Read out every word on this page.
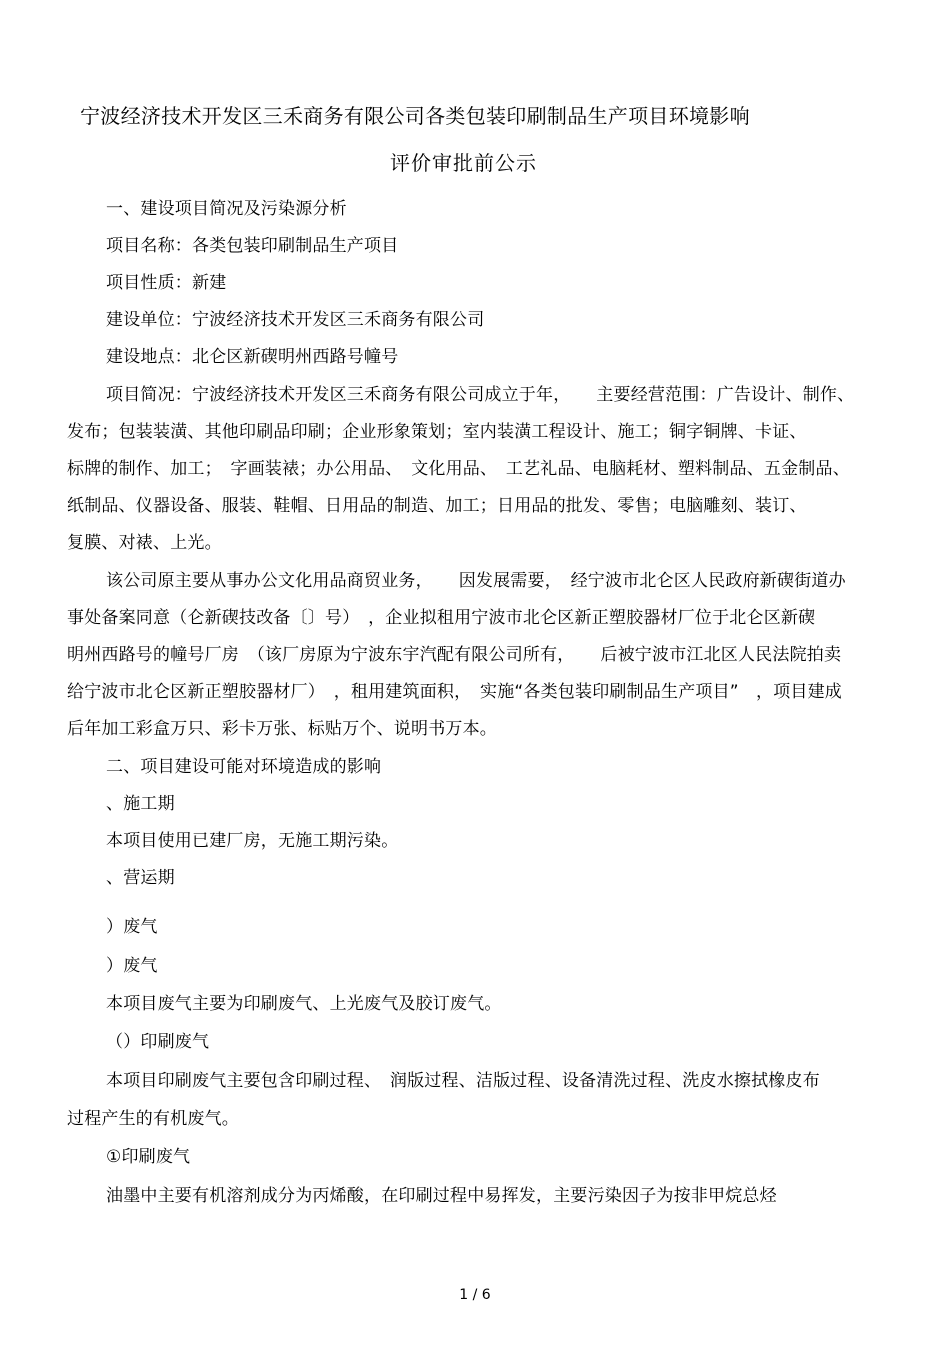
宁波经济技术开发区三禾商务有限公司各类包装印刷制品生产项目环境影响
评价审批前公示
一、建设项目简况及污染源分析
项目名称：各类包装印刷制品生产项目
项目性质：新建
建设单位：宁波经济技术开发区三禾商务有限公司
建设地点：北仑区新碶明州西路号幢号
项目简况：宁波经济技术开发区三禾商务有限公司成立于年，　　主要经营范围：广告设计、制作、
发布；包装装潢、其他印刷品印刷；企业形象策划；室内装潢工程设计、施工；铜字铜牌、卡证、
标牌的制作、加工；　字画装裱；办公用品、　文化用品、　工艺礼品、电脑耗材、塑料制品、五金制品、
纸制品、仪器设备、服装、鞋帽、日用品的制造、加工；日用品的批发、零售；电脑雕刻、装订、
复膜、对裱、上光。
该公司原主要从事办公文化用品商贸业务，　　因发展需要，　经宁波市北仑区人民政府新碶街道办
事处备案同意（仑新碶技改备〔〕号）　，企业拟租用宁波市北仑区新正塑胶器材厂位于北仑区新碶
明州西路号的幢号厂房　（该厂房原为宁波东宇汽配有限公司所有，　　后被宁波市江北区人民法院拍卖
给宁波市北仑区新正塑胶器材厂）　，租用建筑面积，　实施“各类包装印刷制品生产项目”　，项目建成
后年加工彩盒万只、彩卡万张、标贴万个、说明书万本。
二、项目建设可能对环境造成的影响
、施工期
本项目使用已建厂房，无施工期污染。
、营运期
）废气
）废气
本项目废气主要为印刷废气、上光废气及胶订废气。
（）印刷废气
本项目印刷废气主要包含印刷过程、　润版过程、洁版过程、设备清洗过程、洗皮水擦拭橡皮布
过程产生的有机废气。
①印刷废气
油墨中主要有机溶剂成分为丙烯酸，在印刷过程中易挥发，主要污染因子为按非甲烷总烃
1 / 6
